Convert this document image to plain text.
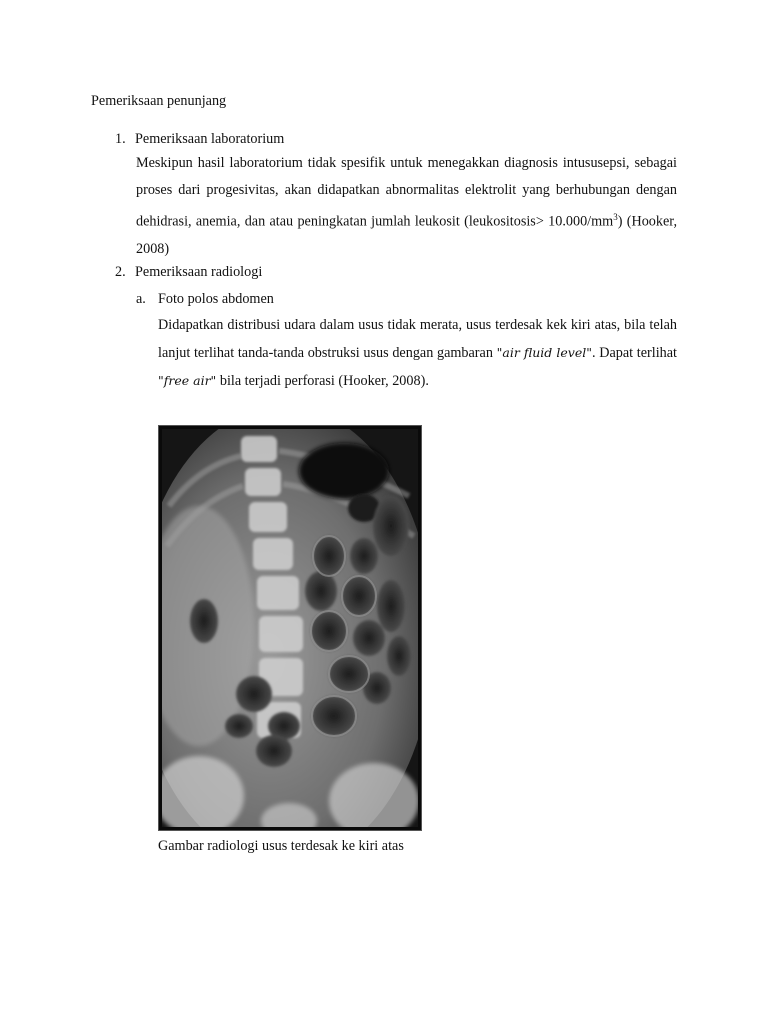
Pemeriksaan penunjang
1. Pemeriksaan laboratorium

Meskipun hasil laboratorium tidak spesifik untuk menegakkan diagnosis intususepsi, sebagai proses dari progesivitas, akan didapatkan abnormalitas elektrolit yang berhubungan dengan dehidrasi, anemia, dan atau peningkatan jumlah leukosit (leukositosis> $10.000/mm^3$) (Hooker, 2008)

2. Pemeriksaan radiologi
a. Foto polos abdomen

Didapatkan distribusi udara dalam usus tidak merata, usus terdesak kek kiri atas, bila telah lanjut terlihat tanda-tanda obstruksi usus dengan gambaran "air fluid level". Dapat terlihat "free air" bila terjadi perforasi (Hooker, 2008).

Gambar radiologi usus terdesak ke kiri atas
